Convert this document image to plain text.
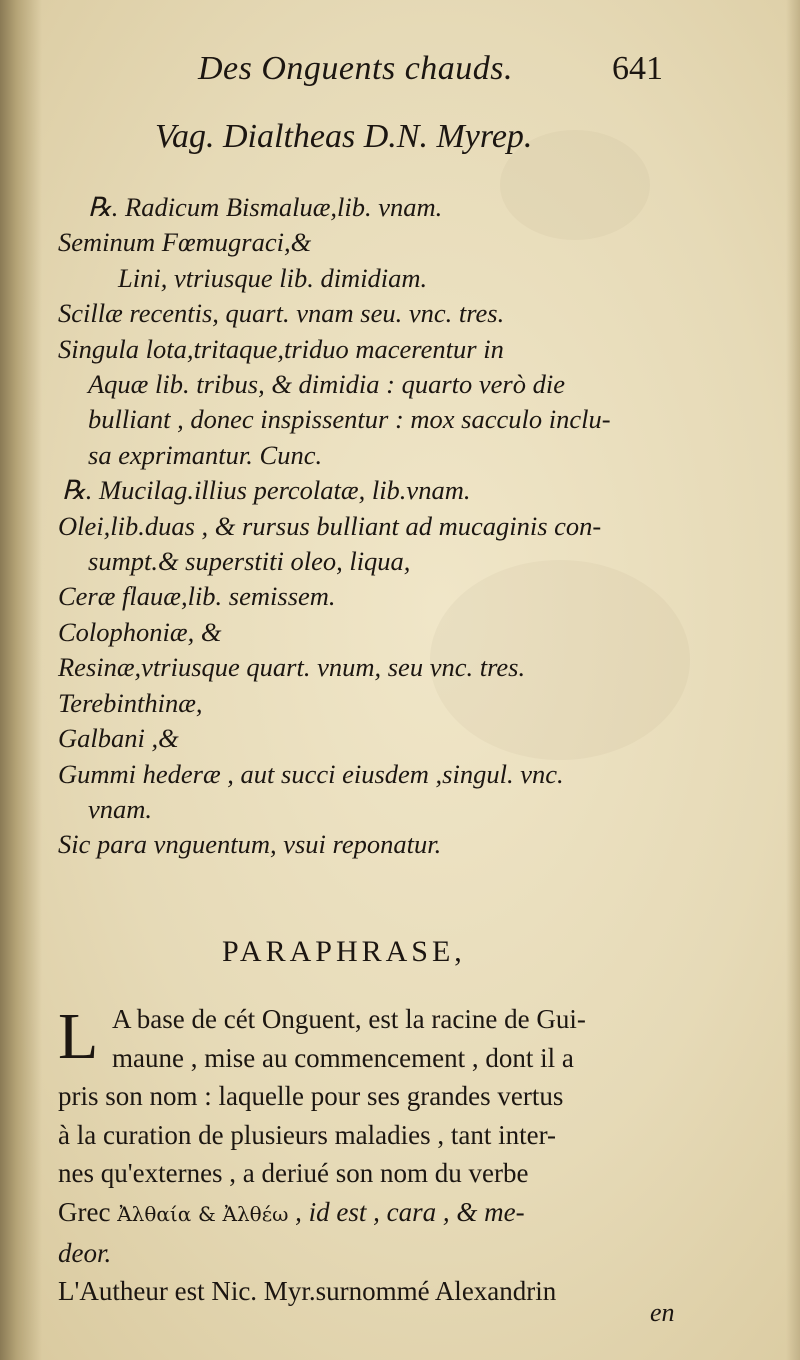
Des Onguents chauds.	641
Vag. Dialtheas D.N. Myrep.
℞. Radicum Bismaluæ,lib. vnam.
Seminum Fœmugraci,&
Lini, vtriusque lib. dimidiam.
Scillæ recentis, quart. vnam seu. vnc. tres.
Singula lota,tritaque,triduo macerentur in
Aquæ lib. tribus, & dimidia : quarto verò die
bulliant , donec inspissentur : mox sacculo inclu-
sa exprimantur. Cunc.
℞. Mucilag.illius percolatæ, lib.vnam.
Olei,lib.duas , & rursus bulliant ad mucaginis con-
sumpt.& superstiti oleo, liqua,
Ceræ flauæ,lib. semissem.
Colophoniæ, &
Resinæ,vtriusque quart. vnum, seu vnc. tres.
Terebinthinæ,
Galbani ,&
Gummi hederæ , aut succi eiusdem ,singul. vnc.
vnam.
Sic para vnguentum, vsui reponatur.
PARAPHRASE,
L A base de cét Onguent, est la racine de Gui-
maune , mise au commencement , dont il a
pris son nom : laquelle pour ses grandes vertus
à la curation de plusieurs maladies , tant inter-
nes qu'externes , a deriué son nom du verbe
Grec Ἀλθαία & Ἀλθέω , id est , cara , & me-
deor.
L'Autheur est Nic. Myr.surnommé Alexandrin
en
